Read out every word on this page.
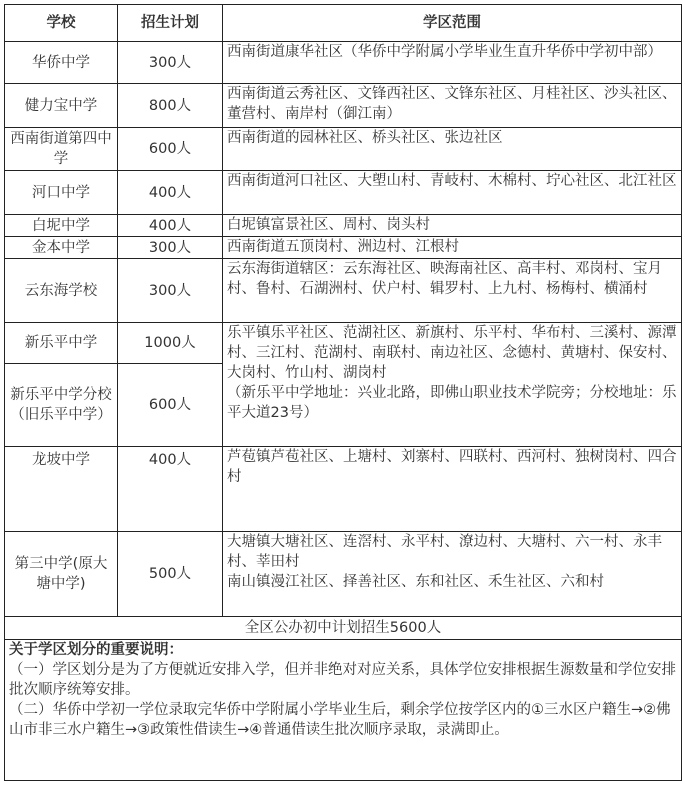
学校	招生计划	学区范围
华侨中学	300人	西南街道康华社区（华侨中学附属小学毕业生直升华侨中学初中部）
健力宝中学	800人	西南街道云秀社区、文锋西社区、文锋东社区、月桂社区、沙头社区、董营村、南岸村（御江南）
西南街道第四中学	600人	西南街道的园林社区、桥头社区、张边社区
河口中学	400人	西南街道河口社区、大塱山村、青岐村、木棉村、坾心社区、北江社区
白坭中学	400人	白坭镇富景社区、周村、岗头村
金本中学	300人	西南街道五顶岗村、洲边村、江根村
云东海学校	300人	云东海街道辖区：云东海社区、映海南社区、高丰村、邓岗村、宝月村、鲁村、石湖洲村、伏户村、辑罗村、上九村、杨梅村、横涌村
新乐平中学	1000人	乐平镇乐平社区、范湖社区、新旗村、乐平村、华布村、三溪村、源潭村、三江村、范湖村、南联村、南边社区、念德村、黄塘村、保安村、大岗村、竹山村、湖岗村
（新乐平中学地址：兴业北路，即佛山职业技术学院旁；分校地址：乐平大道23号）

新乐平中学分校（旧乐平中学）	600人	
龙坡中学	400人	芦苞镇芦苞社区、上塘村、刘寨村、四联村、西河村、独树岗村、四合村
第三中学(原大塘中学)	500人	大塘镇大塘社区、连滘村、永平村、潦边村、大塘村、六一村、永丰村、莘田村
南山镇漫江社区、择善社区、东和社区、禾生社区、六和村

全区公办初中计划招生5600人		

关于学区划分的重要说明：
（一）学区划分是为了方便就近安排入学，但并非绝对对应关系，具体学位安排根据生源数量和学位安排批次顺序统筹安排。
（二）华侨中学初一学位录取完华侨中学附属小学毕业生后，剩余学位按学区内的①三水区户籍生→②佛山市非三水户籍生→③政策性借读生→④普通借读生批次顺序录取，录满即止。		
